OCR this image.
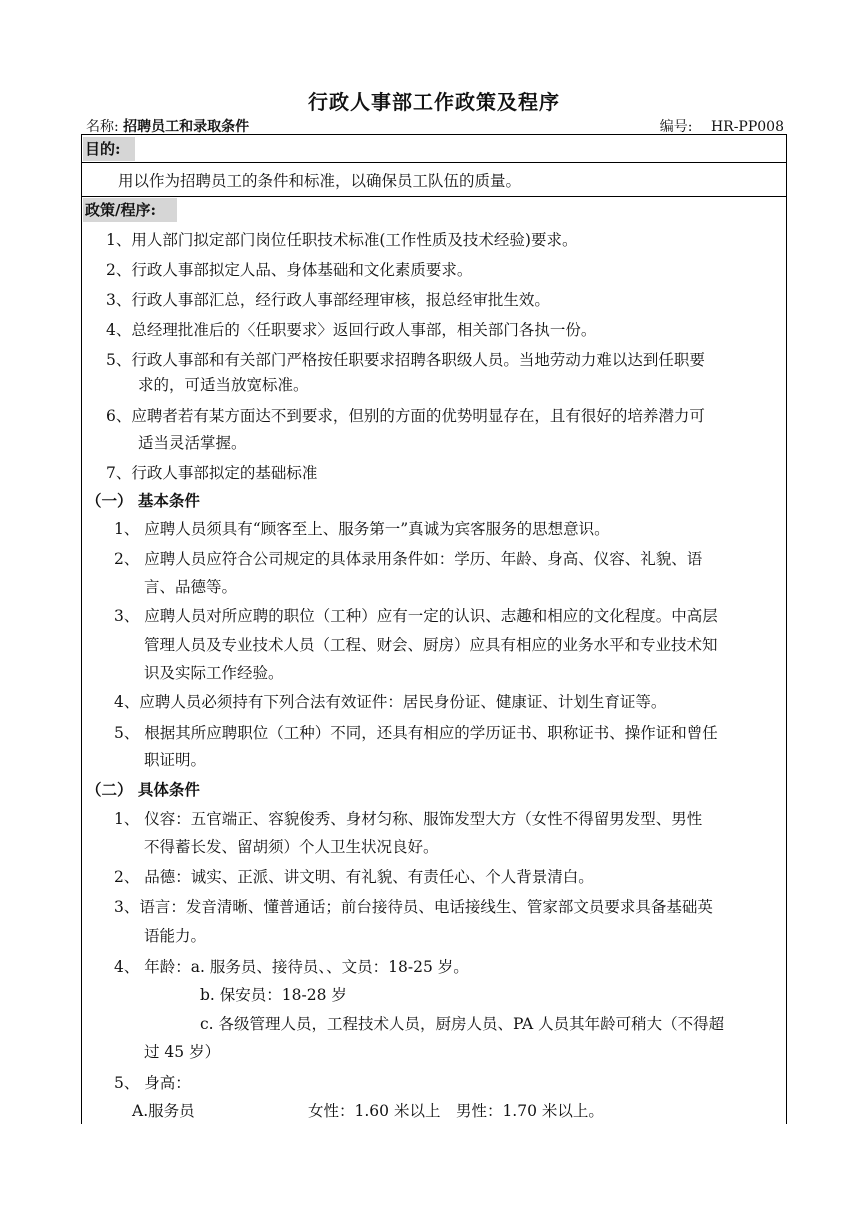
行政人事部工作政策及程序
名称: 招聘员工和录取条件	编号: HR-PP008
目的:
用以作为招聘员工的条件和标准，以确保员工队伍的质量。
政策/程序:
1、用人部门拟定部门岗位任职技术标准(工作性质及技术经验)要求。
2、行政人事部拟定人品、身体基础和文化素质要求。
3、行政人事部汇总，经行政人事部经理审核，报总经审批生效。
4、总经理批准后的〈任职要求〉返回行政人事部，相关部门各执一份。
5、行政人事部和有关部门严格按任职要求招聘各职级人员。当地劳动力难以达到任职要
求的，可适当放宽标准。
6、应聘者若有某方面达不到要求，但别的方面的优势明显存在，且有很好的培养潜力可
适当灵活掌握。
7、行政人事部拟定的基础标准
（一） 基本条件
1、 应聘人员须具有“顾客至上、服务第一”真诚为宾客服务的思想意识。
2、 应聘人员应符合公司规定的具体录用条件如：学历、年龄、身高、仪容、礼貌、语
言、品德等。
3、 应聘人员对所应聘的职位（工种）应有一定的认识、志趣和相应的文化程度。中高层
管理人员及专业技术人员（工程、财会、厨房）应具有相应的业务水平和专业技术知
识及实际工作经验。
4、应聘人员必须持有下列合法有效证件：居民身份证、健康证、计划生育证等。
5、 根据其所应聘职位（工种）不同，还具有相应的学历证书、职称证书、操作证和曾任
职证明。
（二） 具体条件
1、 仪容：五官端正、容貌俊秀、身材匀称、服饰发型大方（女性不得留男发型、男性
不得蓄长发、留胡须）个人卫生状况良好。
2、 品德：诚实、正派、讲文明、有礼貌、有责任心、个人背景清白。
3、语言：发音清晰、懂普通话；前台接待员、电话接线生、管家部文员要求具备基础英
语能力。
4、 年龄：a. 服务员、接待员、、文员：18-25 岁。
b. 保安员：18-28 岁
c. 各级管理人员，工程技术人员，厨房人员、PA 人员其年龄可稍大（不得超
过 45 岁）
5、 身高：
A.服务员	女性：1.60 米以上　男性：1.70 米以上。
